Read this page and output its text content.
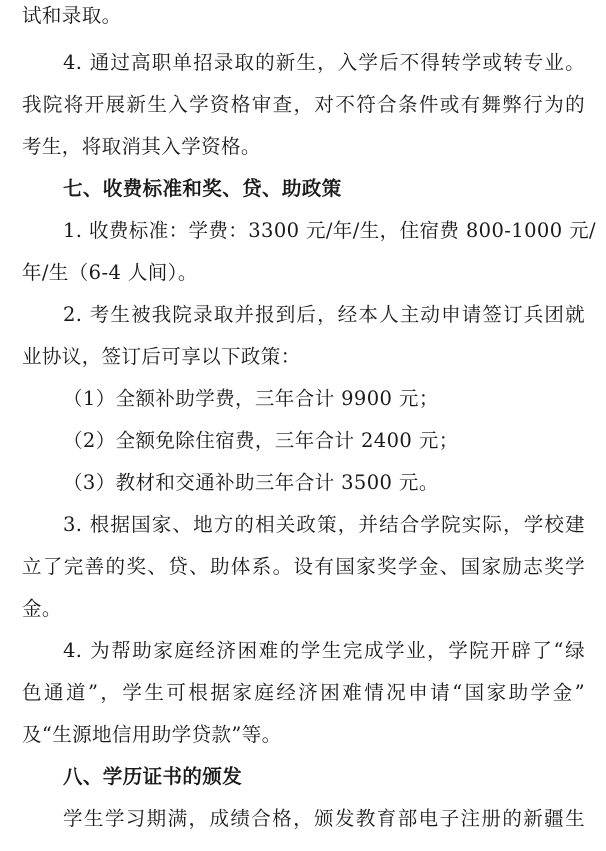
试和录取。
4. 通过高职单招录取的新生，入学后不得转学或转专业。
我院将开展新生入学资格审查，对不符合条件或有舞弊行为的
考生，将取消其入学资格。
七、收费标准和奖、贷、助政策
1. 收费标准：学费：3300 元/年/生，住宿费 800-1000 元/
年/生（6-4 人间）。
2. 考生被我院录取并报到后，经本人主动申请签订兵团就
业协议，签订后可享以下政策：
（1）全额补助学费，三年合计 9900 元；
（2）全额免除住宿费，三年合计 2400 元；
（3）教材和交通补助三年合计 3500 元。
3. 根据国家、地方的相关政策，并结合学院实际，学校建
立了完善的奖、贷、助体系。设有国家奖学金、国家励志奖学
金。
4. 为帮助家庭经济困难的学生完成学业，学院开辟了“绿
色通道”，学生可根据家庭经济困难情况申请“国家助学金”
及“生源地信用助学贷款”等。
八、学历证书的颁发
学生学习期满，成绩合格，颁发教育部电子注册的新疆生
